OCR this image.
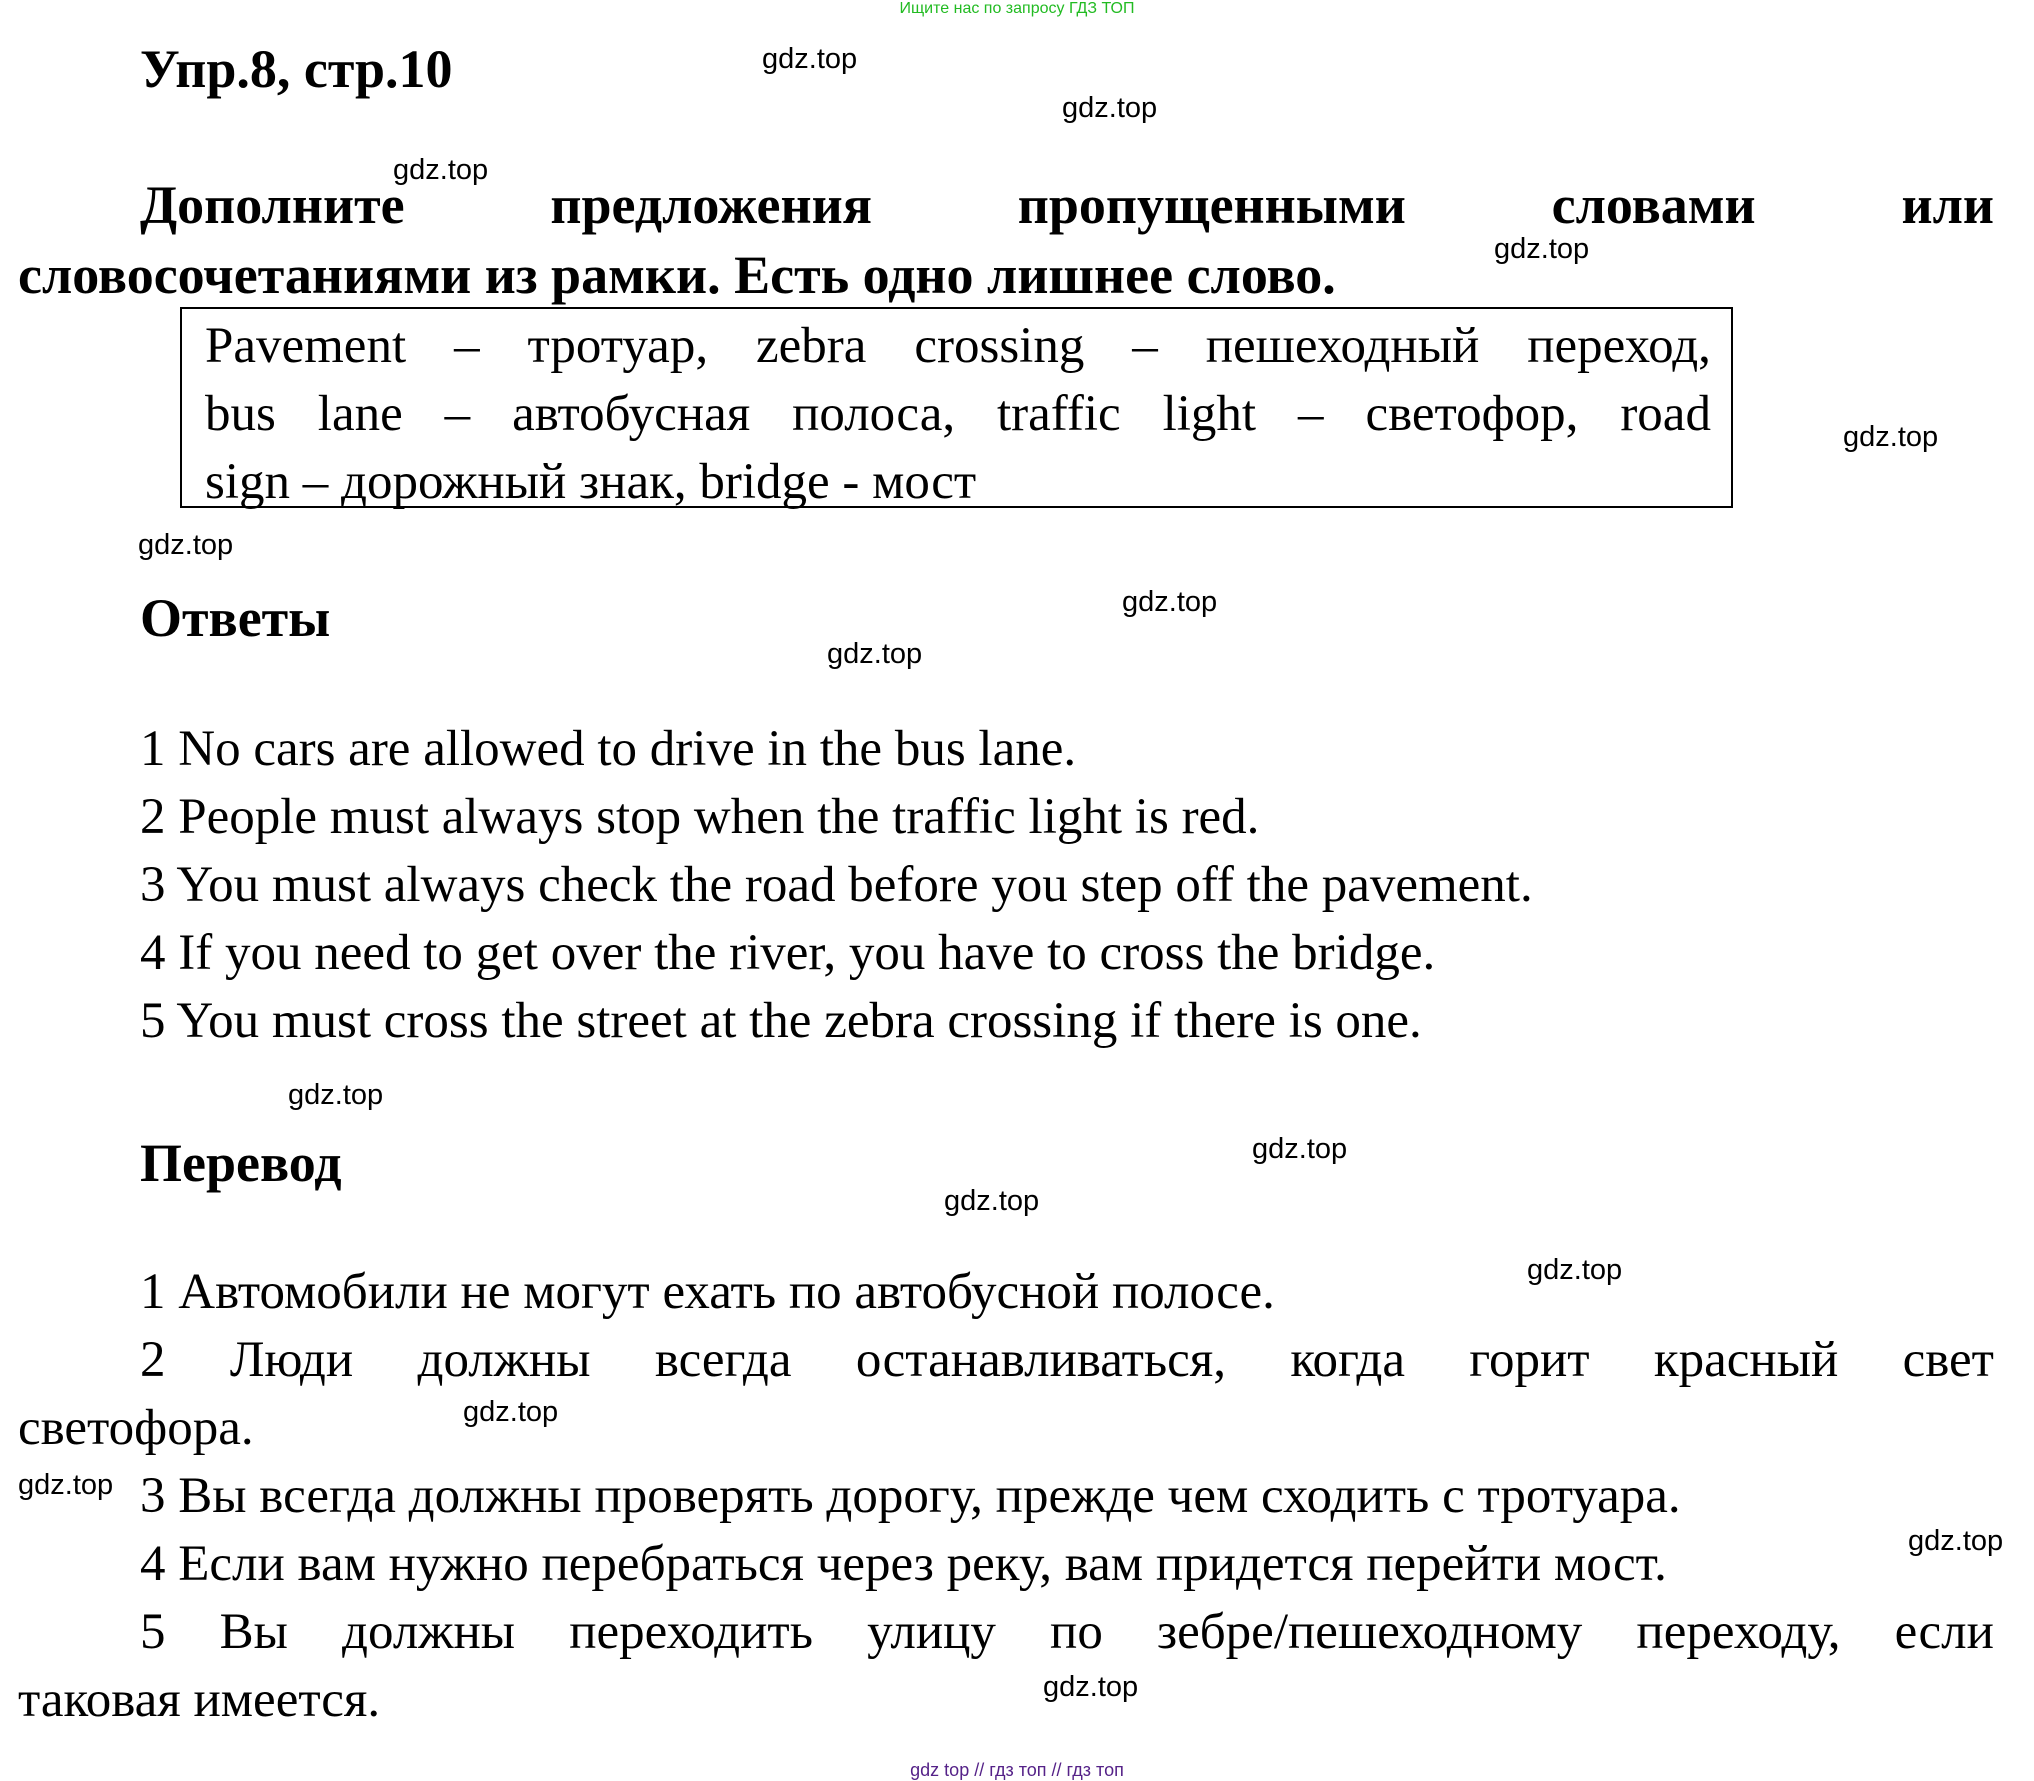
Ищите нас по запросу ГДЗ ТОП
Упр.8, стр.10
Дополните	предложения	пропущенными	словами	или
словосочетаниями из рамки. Есть одно лишнее слово.
Pavement – тротуар, zebra crossing – пешеходный переход,
bus lane – автобусная полоса, traffic light – светофор, road
sign – дорожный знак, bridge - мост
Ответы
1 No cars are allowed to drive in the bus lane.
2 People must always stop when the traffic light is red.
3 You must always check the road before you step off the pavement.
4 If you need to get over the river, you have to cross the bridge.
5 You must cross the street at the zebra crossing if there is one.
Перевод
1 Автомобили не могут ехать по автобусной полосе.
2 Люди должны всегда останавливаться, когда горит красный свет
светофора.
3 Вы всегда должны проверять дорогу, прежде чем сходить с тротуара.
4 Если вам нужно перебраться через реку, вам придется перейти мост.
5 Вы должны переходить улицу по зебре/пешеходному переходу, если
таковая имеется.
gdz.top
gdz.top
gdz.top
gdz.top
gdz.top
gdz.top
gdz.top
gdz.top
gdz.top
gdz.top
gdz.top
gdz.top
gdz.top
gdz.top
gdz.top
gdz.top
gdz top // гдз топ // гдз топ
